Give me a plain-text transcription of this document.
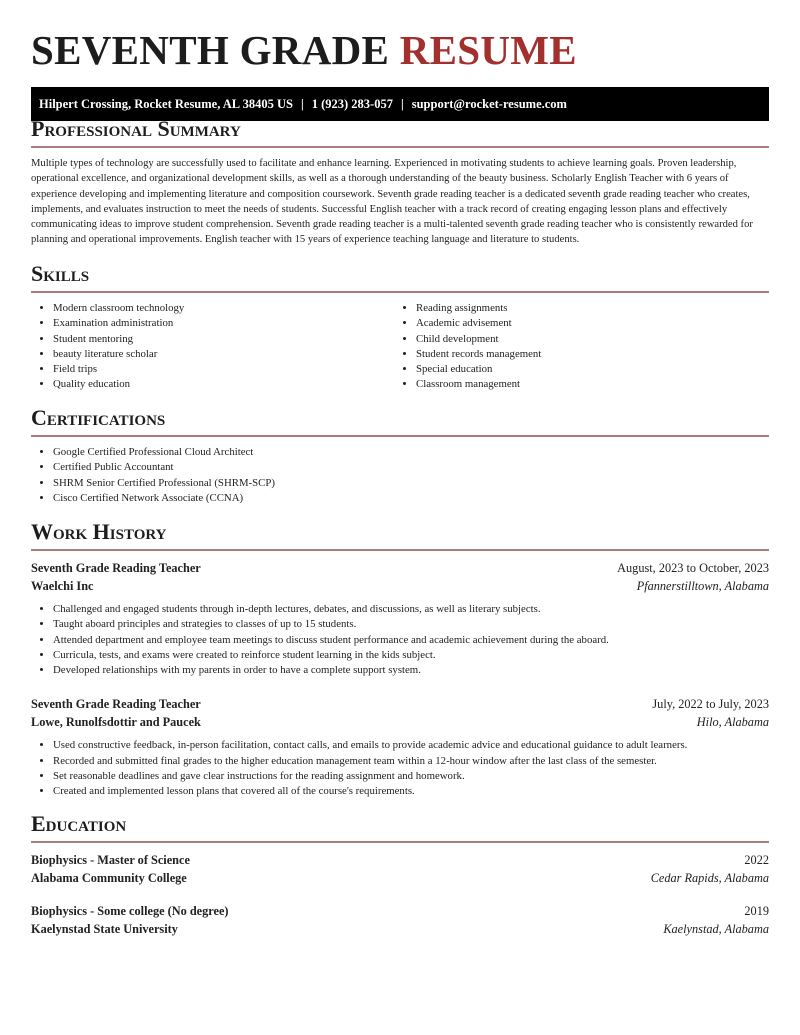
SEVENTH GRADE RESUME
Hilpert Crossing, Rocket Resume, AL 38405 US | 1 (923) 283-057 | support@rocket-resume.com
Professional Summary
Multiple types of technology are successfully used to facilitate and enhance learning. Experienced in motivating students to achieve learning goals. Proven leadership, operational excellence, and organizational development skills, as well as a thorough understanding of the beauty business. Scholarly English Teacher with 6 years of experience developing and implementing literature and composition coursework. Seventh grade reading teacher is a dedicated seventh grade reading teacher who creates, implements, and evaluates instruction to meet the needs of students. Successful English teacher with a track record of creating engaging lesson plans and effectively communicating ideas to improve student comprehension. Seventh grade reading teacher is a multi-talented seventh grade reading teacher who is consistently rewarded for planning and operational improvements. English teacher with 15 years of experience teaching language and literature to students.
Skills
• Modern classroom technology
• Examination administration
• Student mentoring
• beauty literature scholar
• Field trips
• Quality education
• Reading assignments
• Academic advisement
• Child development
• Student records management
• Special education
• Classroom management
Certifications
• Google Certified Professional Cloud Architect
• Certified Public Accountant
• SHRM Senior Certified Professional (SHRM-SCP)
• Cisco Certified Network Associate (CCNA)
Work History
Seventh Grade Reading Teacher	August, 2023 to October, 2023
Waelchi Inc	Pfannerstilltown, Alabama
• Challenged and engaged students through in-depth lectures, debates, and discussions, as well as literary subjects.
• Taught aboard principles and strategies to classes of up to 15 students.
• Attended department and employee team meetings to discuss student performance and academic achievement during the aboard.
• Curricula, tests, and exams were created to reinforce student learning in the kids subject.
• Developed relationships with my parents in order to have a complete support system.
Seventh Grade Reading Teacher	July, 2022 to July, 2023
Lowe, Runolfsdottir and Paucek	Hilo, Alabama
• Used constructive feedback, in-person facilitation, contact calls, and emails to provide academic advice and educational guidance to adult learners.
• Recorded and submitted final grades to the higher education management team within a 12-hour window after the last class of the semester.
• Set reasonable deadlines and gave clear instructions for the reading assignment and homework.
• Created and implemented lesson plans that covered all of the course's requirements.
Education
Biophysics - Master of Science	2022
Alabama Community College	Cedar Rapids, Alabama
Biophysics - Some college (No degree)	2019
Kaelynstad State University	Kaelynstad, Alabama
